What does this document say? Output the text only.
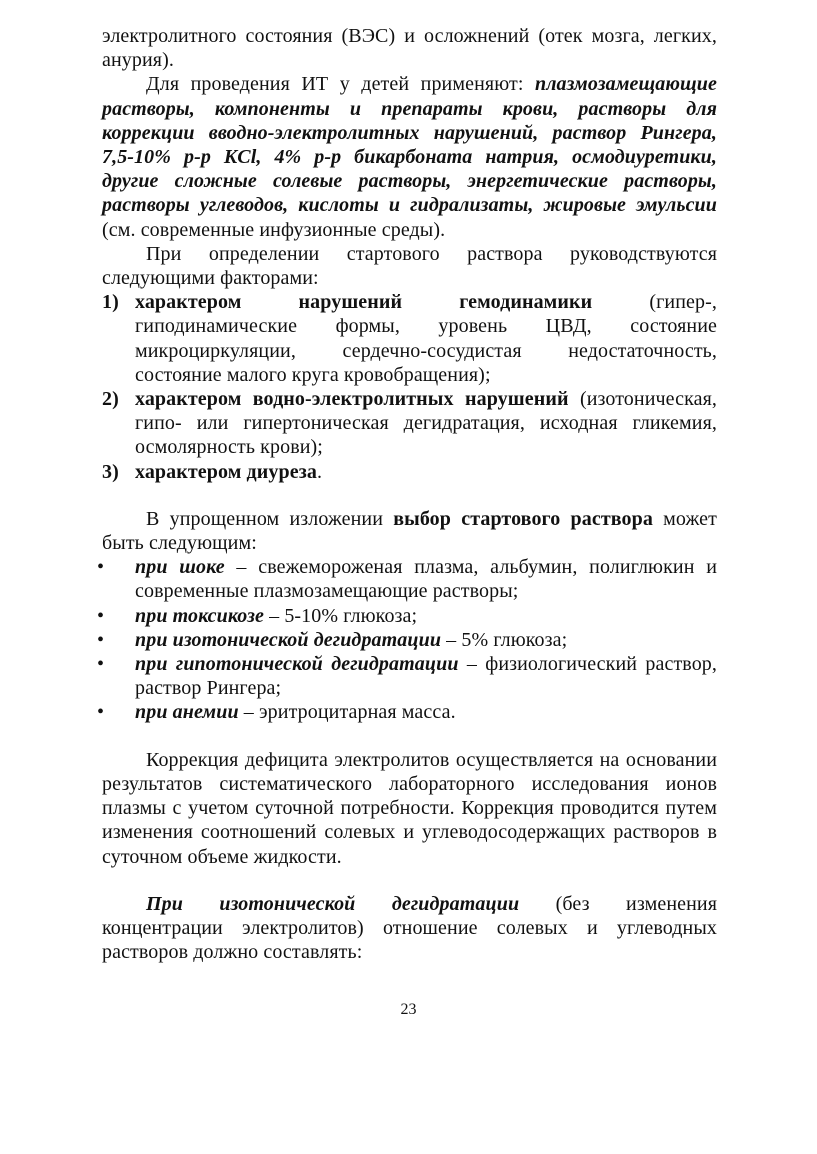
электролитного состояния (ВЭС) и осложнений (отек мозга, легких, анурия).

Для проведения ИТ у детей применяют: плазмозамещающие растворы, компоненты и препараты крови, растворы для коррекции вводно-электролитных нарушений, раствор Рингера, 7,5-10% р-р KCl, 4% р-р бикарбоната натрия, осмодиуретики, другие сложные солевые растворы, энергетические растворы, растворы углеводов, кислоты и гидрализаты, жировые эмульсии (см. современные инфузионные среды).

При определении стартового раствора руководствуются следующими факторами:

1) характером нарушений гемодинамики (гипер-, гиподинамические формы, уровень ЦВД, состояние микроциркуляции, сердечно-сосудистая недостаточность, состояние малого круга кровобращения);
2) характером водно-электролитных нарушений (изотоническая, гипо- или гипертоническая дегидратация, исходная гликемия, осмолярность крови);
3) характером диуреза.

В упрощенном изложении выбор стартового раствора может быть следующим:

•	при шоке – свежемороженая плазма, альбумин, полиглюкин и современные плазмозамещающие растворы;
•	при токсикозе – 5-10% глюкоза;
•	при изотонической дегидратации – 5% глюкоза;
•	при гипотонической дегидратации – физиологический раствор, раствор Рингера;
•	при анемии – эритроцитарная масса.

Коррекция дефицита электролитов осуществляется на основании результатов систематического лабораторного исследования ионов плазмы с учетом суточной потребности. Коррекция проводится путем изменения соотношений солевых и углеводосодержащих растворов в суточном объеме жидкости.

При изотонической дегидратации (без изменения концентрации электролитов) отношение солевых и углеводных растворов должно составлять:

23
